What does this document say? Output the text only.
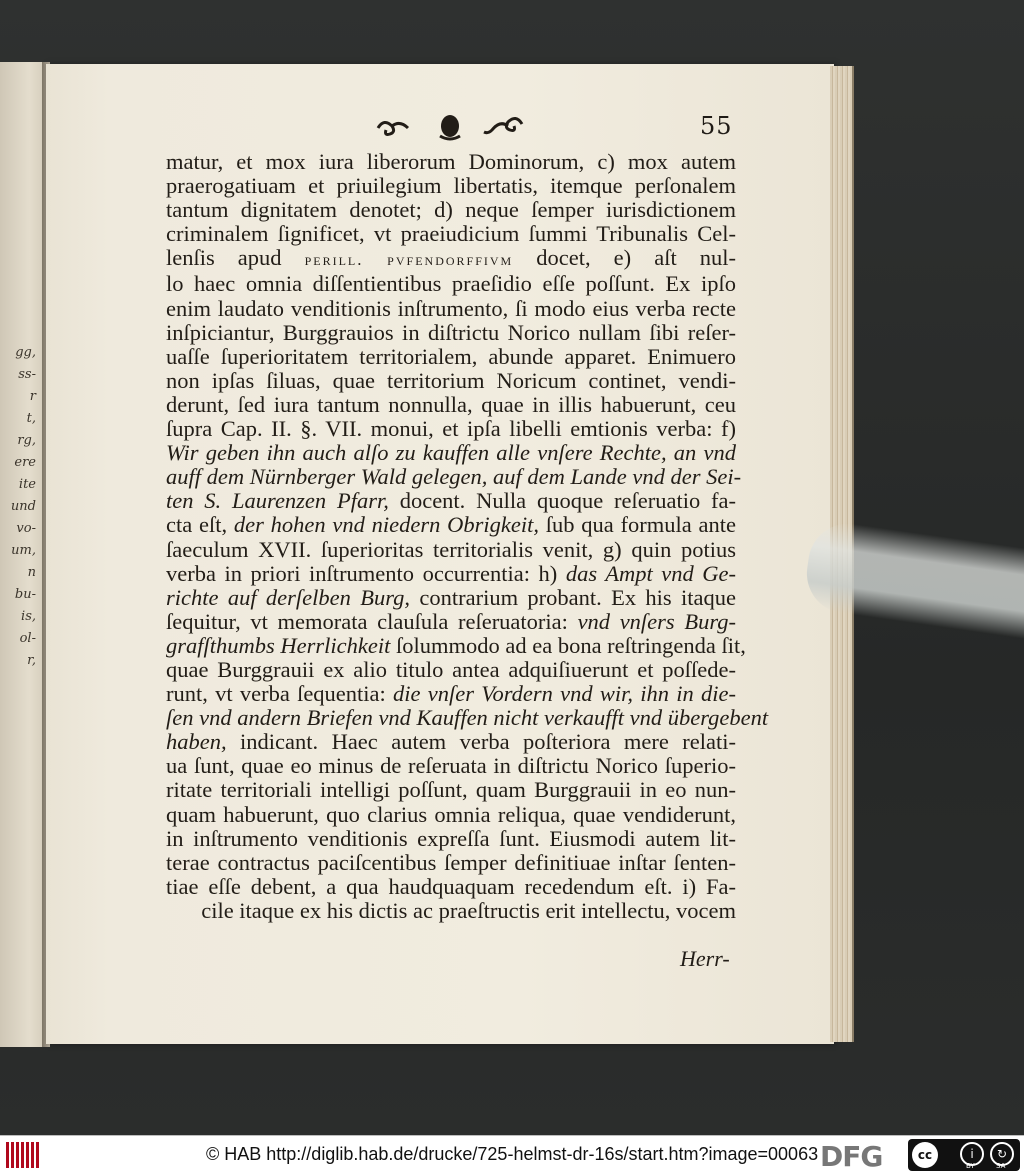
gg,
ss-
r
t,
rg,
ere
ite
und
vo-
um,
n
bu-
is,
ol-
r,
55
matur, et mox iura liberorum Dominorum, c) mox autem
praerogatiuam et priuilegium libertatis, itemque perſonalem
tantum dignitatem denotet; d) neque ſemper iurisdictionem
criminalem ſignificet, vt praeiudicium ſummi Tribunalis Cel-
lenſis apud perill. pvfendorffivm docet, e) aſt nul-
lo haec omnia diſſentientibus praeſidio eſſe poſſunt. Ex ipſo
enim laudato venditionis inſtrumento, ſi modo eius verba recte
inſpiciantur, Burggrauios in diſtrictu Norico nullam ſibi reſer-
uaſſe ſuperioritatem territorialem, abunde apparet. Enimuero
non ipſas ſiluas, quae territorium Noricum continet, vendi-
derunt, ſed iura tantum nonnulla, quae in illis habuerunt, ceu
ſupra Cap. II. §. VII. monui, et ipſa libelli emtionis verba: f)
Wir geben ihn auch alſo zu kauffen alle vnſere Rechte, an vnd
auff dem Nürnberger Wald gelegen, auf dem Lande vnd der Sei-
ten S. Laurenzen Pfarr, docent. Nulla quoque reſeruatio fa-
cta eſt, der hohen vnd niedern Obrigkeit, ſub qua formula ante
ſaeculum XVII. ſuperioritas territorialis venit, g) quin potius
verba in priori inſtrumento occurrentia: h) das Ampt vnd Ge-
richte auf derſelben Burg, contrarium probant. Ex his itaque
ſequitur, vt memorata clauſula reſeruatoria: vnd vnſers Burg-
grafſthumbs Herrlichkeit ſolummodo ad ea bona reſtringenda ſit,
quae Burggrauii ex alio titulo antea adquiſiuerunt et poſſede-
runt, vt verba ſequentia: die vnſer Vordern vnd wir, ihn in die-
ſen vnd andern Briefen vnd Kauffen nicht verkaufft vnd übergebent
haben, indicant. Haec autem verba poſteriora mere relati-
ua ſunt, quae eo minus de reſeruata in diſtrictu Norico ſuperio-
ritate territoriali intelligi poſſunt, quam Burggrauii in eo nun-
quam habuerunt, quo clarius omnia reliqua, quae vendiderunt,
in inſtrumento venditionis expreſſa ſunt. Eiusmodi autem lit-
terae contractus paciſcentibus ſemper definitiuae inſtar ſenten-
tiae eſſe debent, a qua haudquaquam recedendum eſt. i) Fa-
cile itaque ex his dictis ac praeſtructis erit intellectu, vocem
Herr-
© HAB http://diglib.hab.de/drucke/725-helmst-dr-16s/start.htm?image=00063 DFG	cc	i	↻
BY	SA
